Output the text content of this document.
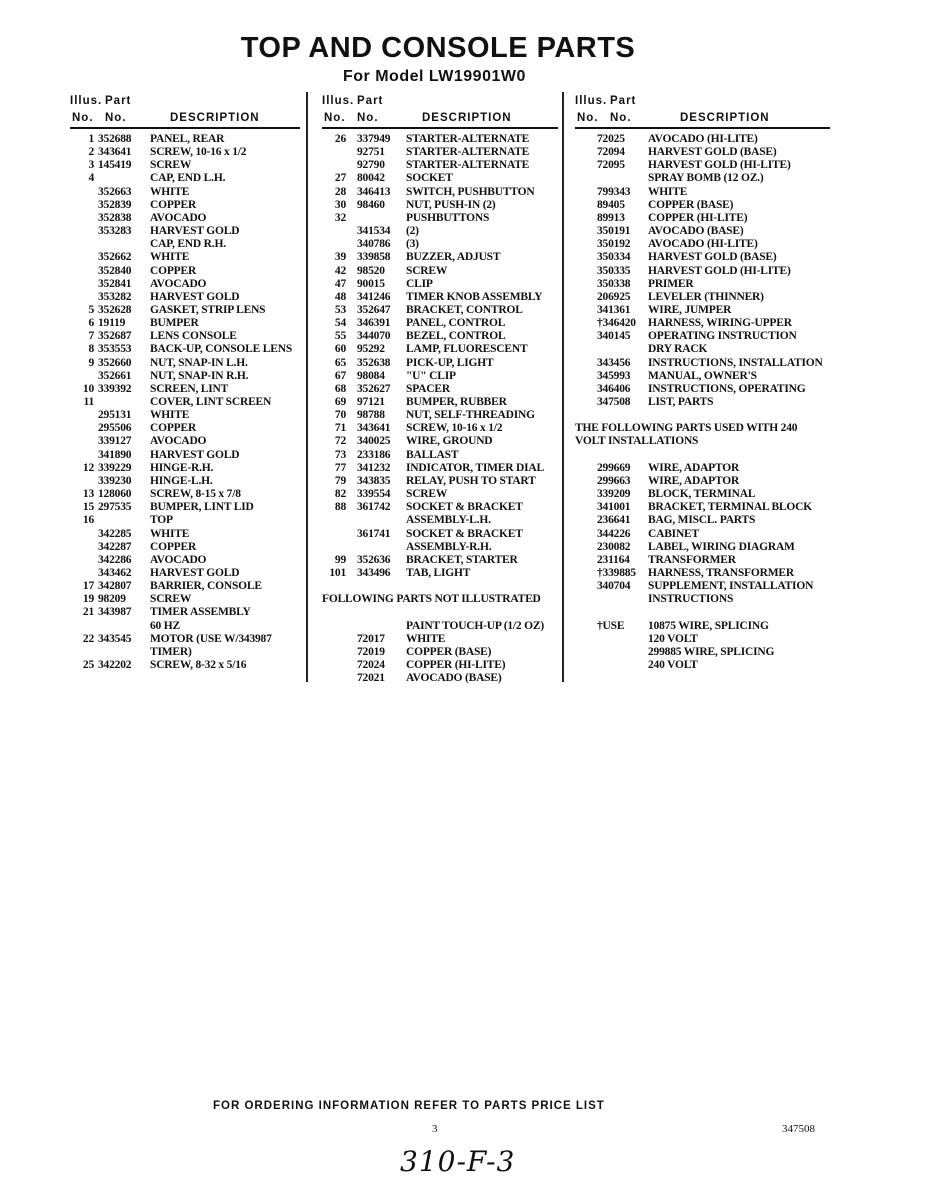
TOP AND CONSOLE PARTS
For Model LW19901W0
Illus. Part
No. No.	DESCRIPTION
1 352688 PANEL, REAR
2 343641 SCREW, 10-16 x 1/2
3 145419 SCREW
4	CAP, END L.H.
352663 WHITE
352839 COPPER
352838 AVOCADO
353283 HARVEST GOLD
CAP, END R.H.
352662 WHITE
352840 COPPER
352841 AVOCADO
353282 HARVEST GOLD
5 352628 GASKET, STRIP LENS
6 19119 BUMPER
7 352687 LENS CONSOLE
8 353553 BACK-UP, CONSOLE LENS
9 352660 NUT, SNAP-IN L.H.
352661 NUT, SNAP-IN R.H.
10 339392 SCREEN, LINT
11	COVER, LINT SCREEN
295131 WHITE
295506 COPPER
339127 AVOCADO
341890 HARVEST GOLD
12 339229 HINGE-R.H.
339230 HINGE-L.H.
13 128060 SCREW, 8-15 x 7/8
15 297535 BUMPER, LINT LID
16	TOP
342285 WHITE
342287 COPPER
342286 AVOCADO
343462 HARVEST GOLD
17 342807 BARRIER, CONSOLE
19 98209 SCREW
21 343987 TIMER ASSEMBLY
60 HZ
22 343545 MOTOR (USE W/343987
TIMER)
25 342202 SCREW, 8-32 x 5/16
Illus. Part
No. No.	DESCRIPTION
26 337949 STARTER-ALTERNATE
92751 STARTER-ALTERNATE
92790 STARTER-ALTERNATE
27 80042 SOCKET
28 346413 SWITCH, PUSHBUTTON
30 98460 NUT, PUSH-IN (2)
32	PUSHBUTTONS
341534 (2)
340786 (3)
39 339858 BUZZER, ADJUST
42 98520 SCREW
47 90015 CLIP
48 341246 TIMER KNOB ASSEMBLY
53 352647 BRACKET, CONTROL
54 346391 PANEL, CONTROL
55 344070 BEZEL, CONTROL
60 95292 LAMP, FLUORESCENT
65 352638 PICK-UP, LIGHT
67 98084 "U" CLIP
68 352627 SPACER
69 97121 BUMPER, RUBBER
70 98788 NUT, SELF-THREADING
71 343641 SCREW, 10-16 x 1/2
72 340025 WIRE, GROUND
73 233186 BALLAST
77 341232 INDICATOR, TIMER DIAL
79 343835 RELAY, PUSH TO START
82 339554 SCREW
88 361742 SOCKET & BRACKET
ASSEMBLY-L.H.
361741 SOCKET & BRACKET
ASSEMBLY-R.H.
99 352636 BRACKET, STARTER
101 343496 TAB, LIGHT
FOLLOWING PARTS NOT ILLUSTRATED
PAINT TOUCH-UP (1/2 OZ)
72017 WHITE
72019 COPPER (BASE)
72024 COPPER (HI-LITE)
72021 AVOCADO (BASE)
Illus. Part
No. No.	DESCRIPTION
72025 AVOCADO (HI-LITE)
72094 HARVEST GOLD (BASE)
72095 HARVEST GOLD (HI-LITE)
SPRAY BOMB (12 OZ.)
799343 WHITE
89405 COPPER (BASE)
89913 COPPER (HI-LITE)
350191 AVOCADO (BASE)
350192 AVOCADO (HI-LITE)
350334 HARVEST GOLD (BASE)
350335 HARVEST GOLD (HI-LITE)
350338 PRIMER
206925 LEVELER (THINNER)
341361 WIRE, JUMPER
†346420 HARNESS, WIRING-UPPER
340145 OPERATING INSTRUCTION
DRY RACK
343456 INSTRUCTIONS, INSTALLATION
345993 MANUAL, OWNER'S
346406 INSTRUCTIONS, OPERATING
347508 LIST, PARTS
THE FOLLOWING PARTS USED WITH 240
VOLT INSTALLATIONS
299669 WIRE, ADAPTOR
299663 WIRE, ADAPTOR
339209 BLOCK, TERMINAL
341001 BRACKET, TERMINAL BLOCK
236641 BAG, MISCL. PARTS
344226 CABINET
230082 LABEL, WIRING DIAGRAM
231164 TRANSFORMER
†339885 HARNESS, TRANSFORMER
340704 SUPPLEMENT, INSTALLATION
INSTRUCTIONS
†USE 10875 WIRE, SPLICING
120 VOLT
299885 WIRE, SPLICING
240 VOLT
FOR ORDERING INFORMATION REFER TO PARTS PRICE LIST
3	347508
310-F-3
